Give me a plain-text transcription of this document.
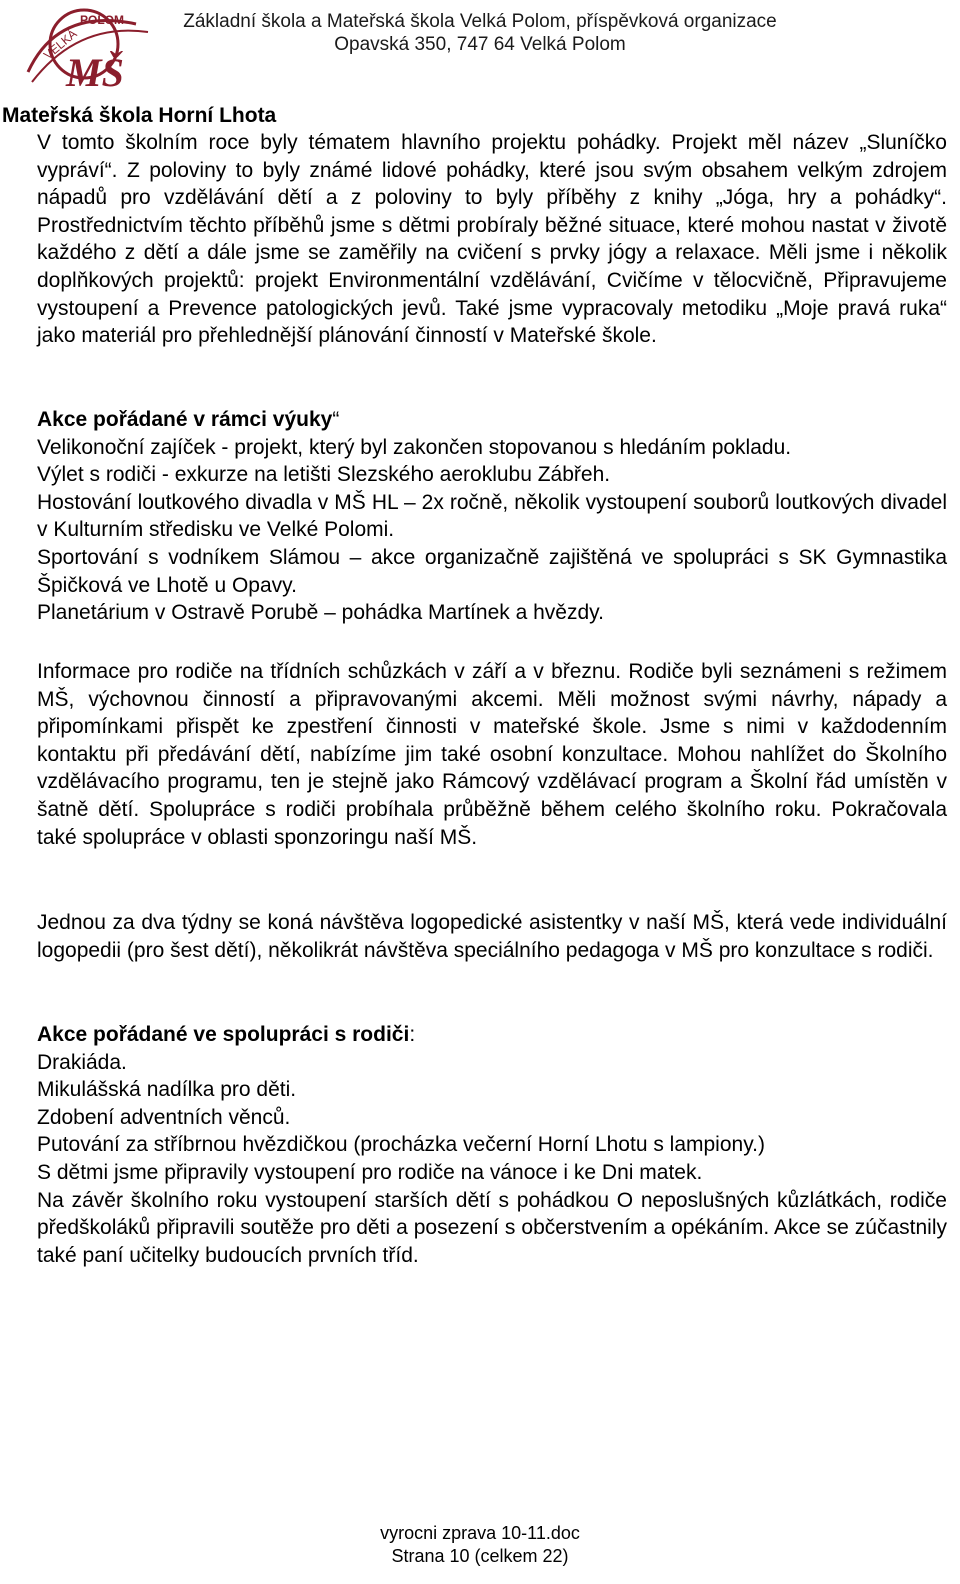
VELKÁ
POLOM
MŠ
Základní škola a Mateřská škola Velká Polom, příspěvková organizace
Opavská 350, 747 64 Velká Polom
Mateřská škola Horní Lhota
V tomto školním roce byly tématem hlavního projektu pohádky. Projekt měl název „Sluníčko vypráví“. Z poloviny to byly známé lidové pohádky, které jsou svým obsahem velkým zdrojem nápadů pro vzdělávání dětí a z poloviny to byly příběhy z knihy „Jóga, hry a pohádky“. Prostřednictvím těchto příběhů jsme s dětmi probíraly běžné situace, které mohou nastat v životě každého z dětí a dále jsme se zaměřily na cvičení s prvky jógy a relaxace. Měli jsme i několik doplňkových projektů: projekt Environmentální vzdělávání, Cvičíme v tělocvičně, Připravujeme vystoupení a Prevence patologických jevů. Také jsme vypracovaly metodiku „Moje pravá ruka“ jako materiál pro přehlednější plánování činností v Mateřské škole.

Akce pořádané v rámci výuky“

Velikonoční zajíček - projekt, který byl zakončen stopovanou s hledáním pokladu.

Výlet s rodiči - exkurze na letišti Slezského aeroklubu Zábřeh.

Hostování loutkového divadla v MŠ HL – 2x ročně, několik vystoupení souborů loutkových divadel v Kulturním středisku ve Velké Polomi.

Sportování s vodníkem Slámou – akce organizačně zajištěná ve spolupráci s SK Gymnastika Špičková ve Lhotě u Opavy.

Planetárium v Ostravě Porubě – pohádka Martínek a hvězdy.

Informace pro rodiče na třídních schůzkách v září a v březnu. Rodiče byli seznámeni s režimem MŠ, výchovnou činností a připravovanými akcemi. Měli možnost svými návrhy, nápady a připomínkami přispět ke zpestření činnosti v mateřské škole. Jsme s nimi v každodenním kontaktu při předávání dětí, nabízíme jim také osobní konzultace. Mohou nahlížet do Školního vzdělávacího programu, ten je stejně jako Rámcový vzdělávací program a Školní řád umístěn v šatně dětí. Spolupráce s rodiči probíhala průběžně během celého školního roku. Pokračovala také spolupráce v oblasti sponzoringu naší MŠ.
Jednou za dva týdny se koná návštěva logopedické asistentky v naší MŠ, která vede individuální logopedii (pro šest dětí), několikrát návštěva speciálního pedagoga v MŠ pro konzultace s rodiči.

Akce pořádané ve spolupráci s rodiči:

Drakiáda.

Mikulášská nadílka pro děti.

Zdobení adventních věnců.

Putování za stříbrnou hvězdičkou (procházka večerní Horní Lhotu s lampiony.)

S dětmi jsme připravily vystoupení pro rodiče na vánoce i ke Dni matek.

Na závěr školního roku vystoupení starších dětí s pohádkou O neposlušných kůzlátkách, rodiče předškoláků připravili soutěže pro děti a posezení s občerstvením a opékáním. Akce se zúčastnily také paní učitelky budoucích prvních tříd.

vyrocni zprava 10-11.doc
Strana 10 (celkem 22)
